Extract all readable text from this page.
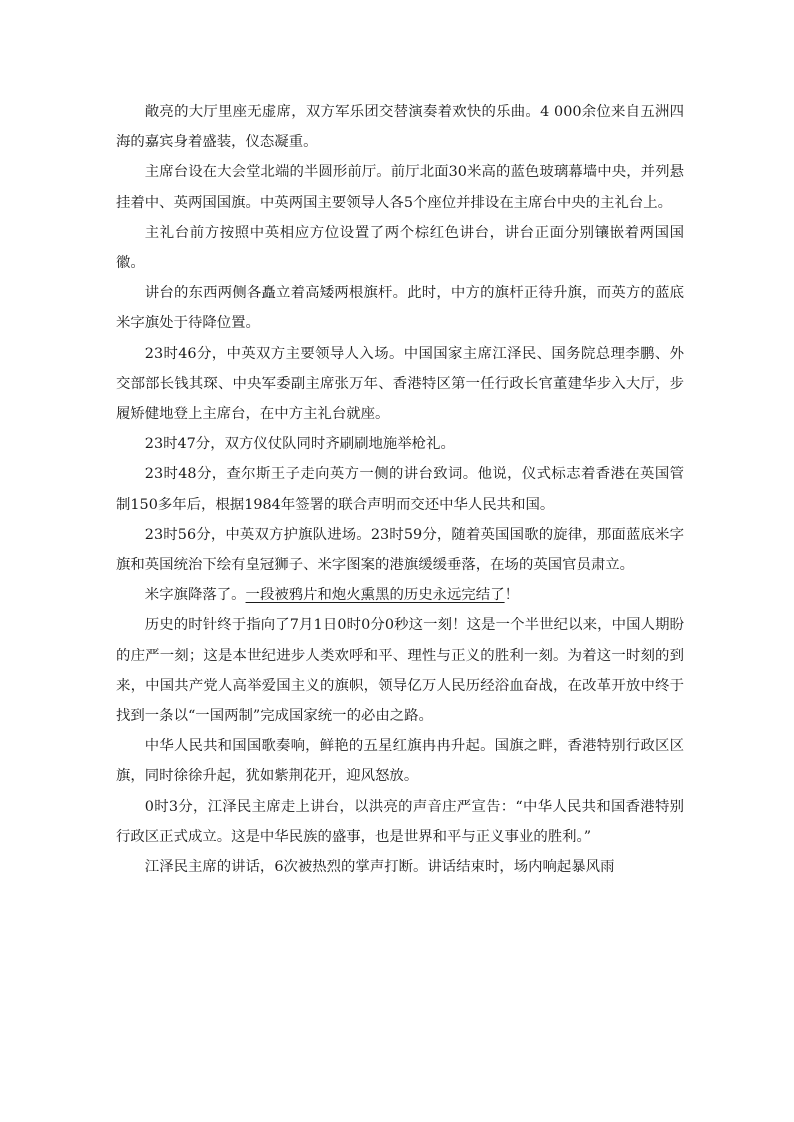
敞亮的大厅里座无虚席，双方军乐团交替演奏着欢快的乐曲。4 000余位来自五洲四海的嘉宾身着盛装，仪态凝重。

主席台设在大会堂北端的半圆形前厅。前厅北面30米高的蓝色玻璃幕墙中央，并列悬挂着中、英两国国旗。中英两国主要领导人各5个座位并排设在主席台中央的主礼台上。

主礼台前方按照中英相应方位设置了两个棕红色讲台，讲台正面分别镶嵌着两国国徽。

讲台的东西两侧各矗立着高矮两根旗杆。此时，中方的旗杆正待升旗，而英方的蓝底米字旗处于待降位置。

23时46分，中英双方主要领导人入场。中国国家主席江泽民、国务院总理李鹏、外交部部长钱其琛、中央军委副主席张万年、香港特区第一任行政长官董建华步入大厅，步履矫健地登上主席台，在中方主礼台就座。

23时47分，双方仪仗队同时齐刷刷地施举枪礼。

23时48分，查尔斯王子走向英方一侧的讲台致词。他说，仪式标志着香港在英国管制150多年后，根据1984年签署的联合声明而交还中华人民共和国。

23时56分，中英双方护旗队进场。23时59分，随着英国国歌的旋律，那面蓝底米字旗和英国统治下绘有皇冠狮子、米字图案的港旗缓缓垂落，在场的英国官员肃立。

米字旗降落了。一段被鸦片和炮火熏黑的历史永远完结了！

历史的时针终于指向了7月1日0时0分0秒这一刻！这是一个半世纪以来，中国人期盼的庄严一刻；这是本世纪进步人类欢呼和平、理性与正义的胜利一刻。为着这一时刻的到来，中国共产党人高举爱国主义的旗帜，领导亿万人民历经浴血奋战，在改革开放中终于找到一条以“一国两制”完成国家统一的必由之路。

中华人民共和国国歌奏响，鲜艳的五星红旗冉冉升起。国旗之畔，香港特别行政区区旗，同时徐徐升起，犹如紫荆花开，迎风怒放。

0时3分，江泽民主席走上讲台，以洪亮的声音庄严宣告：“中华人民共和国香港特别行政区正式成立。这是中华民族的盛事，也是世界和平与正义事业的胜利。”

江泽民主席的讲话，6次被热烈的掌声打断。讲话结束时，场内响起暴风雨
